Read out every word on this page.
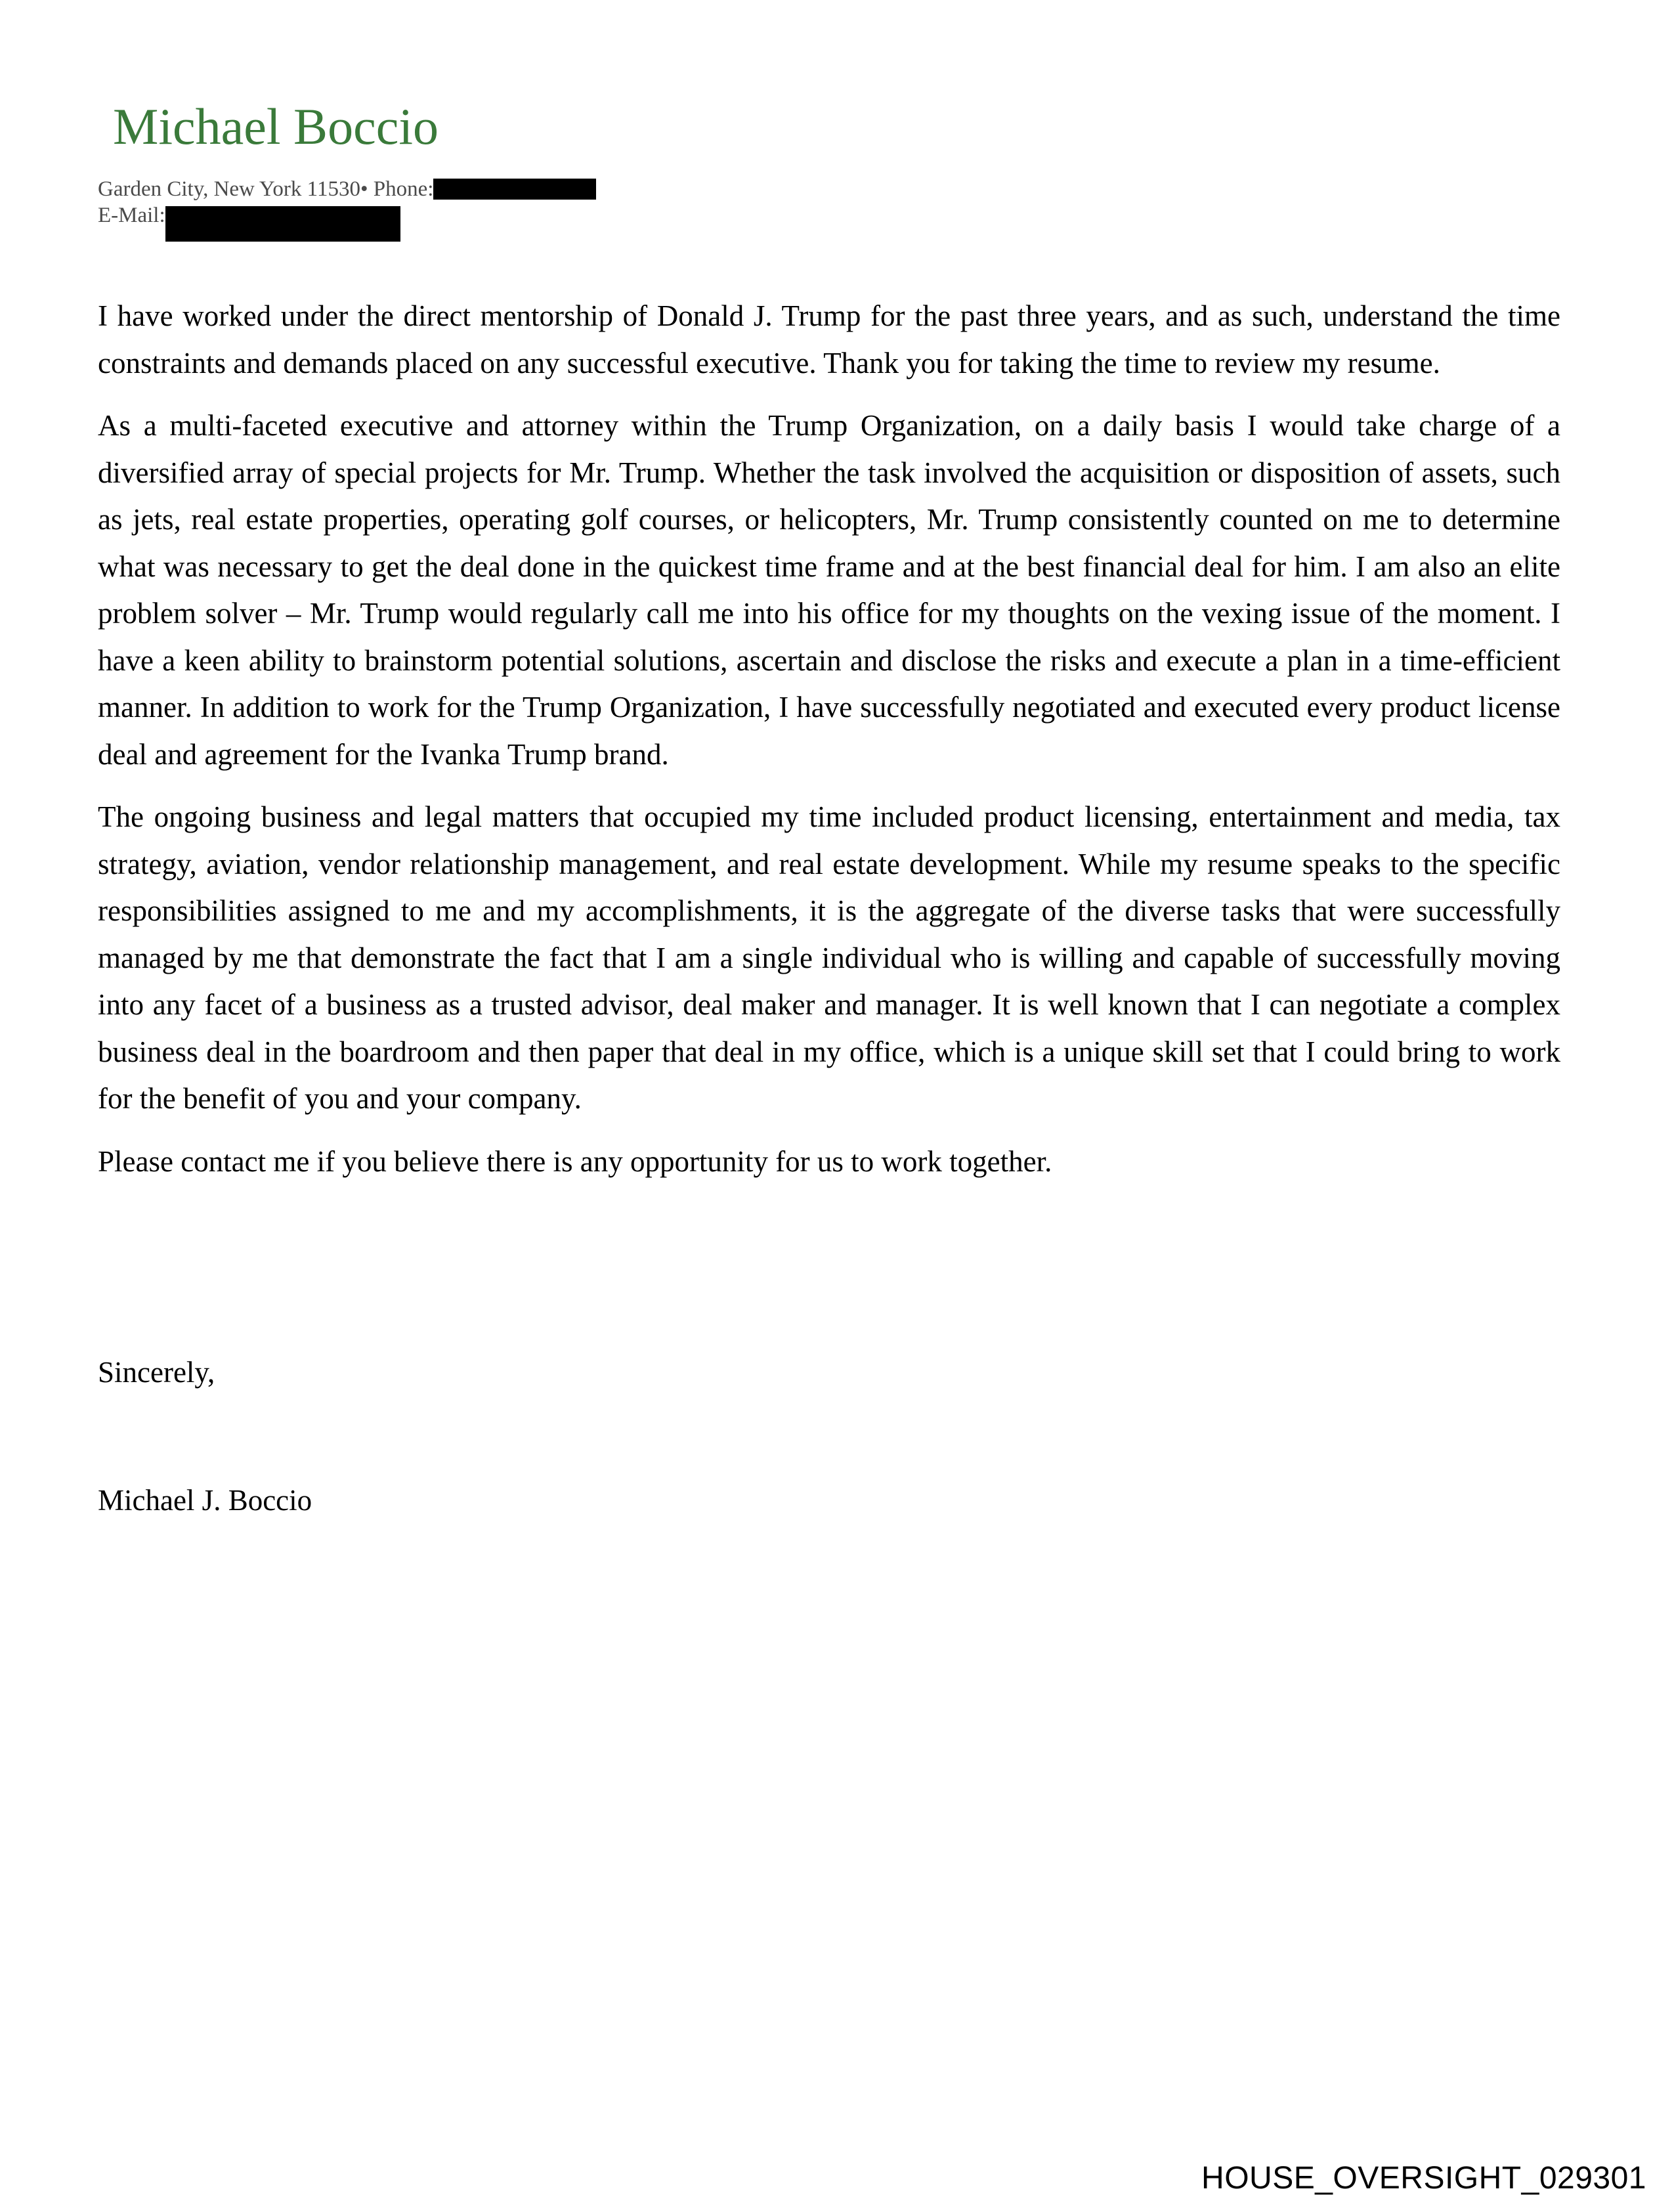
Michael Boccio
Garden City, New York 11530• Phone:
E-Mail:

I have worked under the direct mentorship of Donald J. Trump for the past three years, and as such, understand the time constraints and demands placed on any successful executive. Thank you for taking the time to review my resume.

As a multi-faceted executive and attorney within the Trump Organization, on a daily basis I would take charge of a diversified array of special projects for Mr. Trump. Whether the task involved the acquisition or disposition of assets, such as jets, real estate properties, operating golf courses, or helicopters, Mr. Trump consistently counted on me to determine what was necessary to get the deal done in the quickest time frame and at the best financial deal for him. I am also an elite problem solver – Mr. Trump would regularly call me into his office for my thoughts on the vexing issue of the moment. I have a keen ability to brainstorm potential solutions, ascertain and disclose the risks and execute a plan in a time-efficient manner. In addition to work for the Trump Organization, I have successfully negotiated and executed every product license deal and agreement for the Ivanka Trump brand.

The ongoing business and legal matters that occupied my time included product licensing, entertainment and media, tax strategy, aviation, vendor relationship management, and real estate development. While my resume speaks to the specific responsibilities assigned to me and my accomplishments, it is the aggregate of the diverse tasks that were successfully managed by me that demonstrate the fact that I am a single individual who is willing and capable of successfully moving into any facet of a business as a trusted advisor, deal maker and manager. It is well known that I can negotiate a complex business deal in the boardroom and then paper that deal in my office, which is a unique skill set that I could bring to work for the benefit of you and your company.

Please contact me if you believe there is any opportunity for us to work together.

Sincerely,
Michael J. Boccio
HOUSE_OVERSIGHT_029301
